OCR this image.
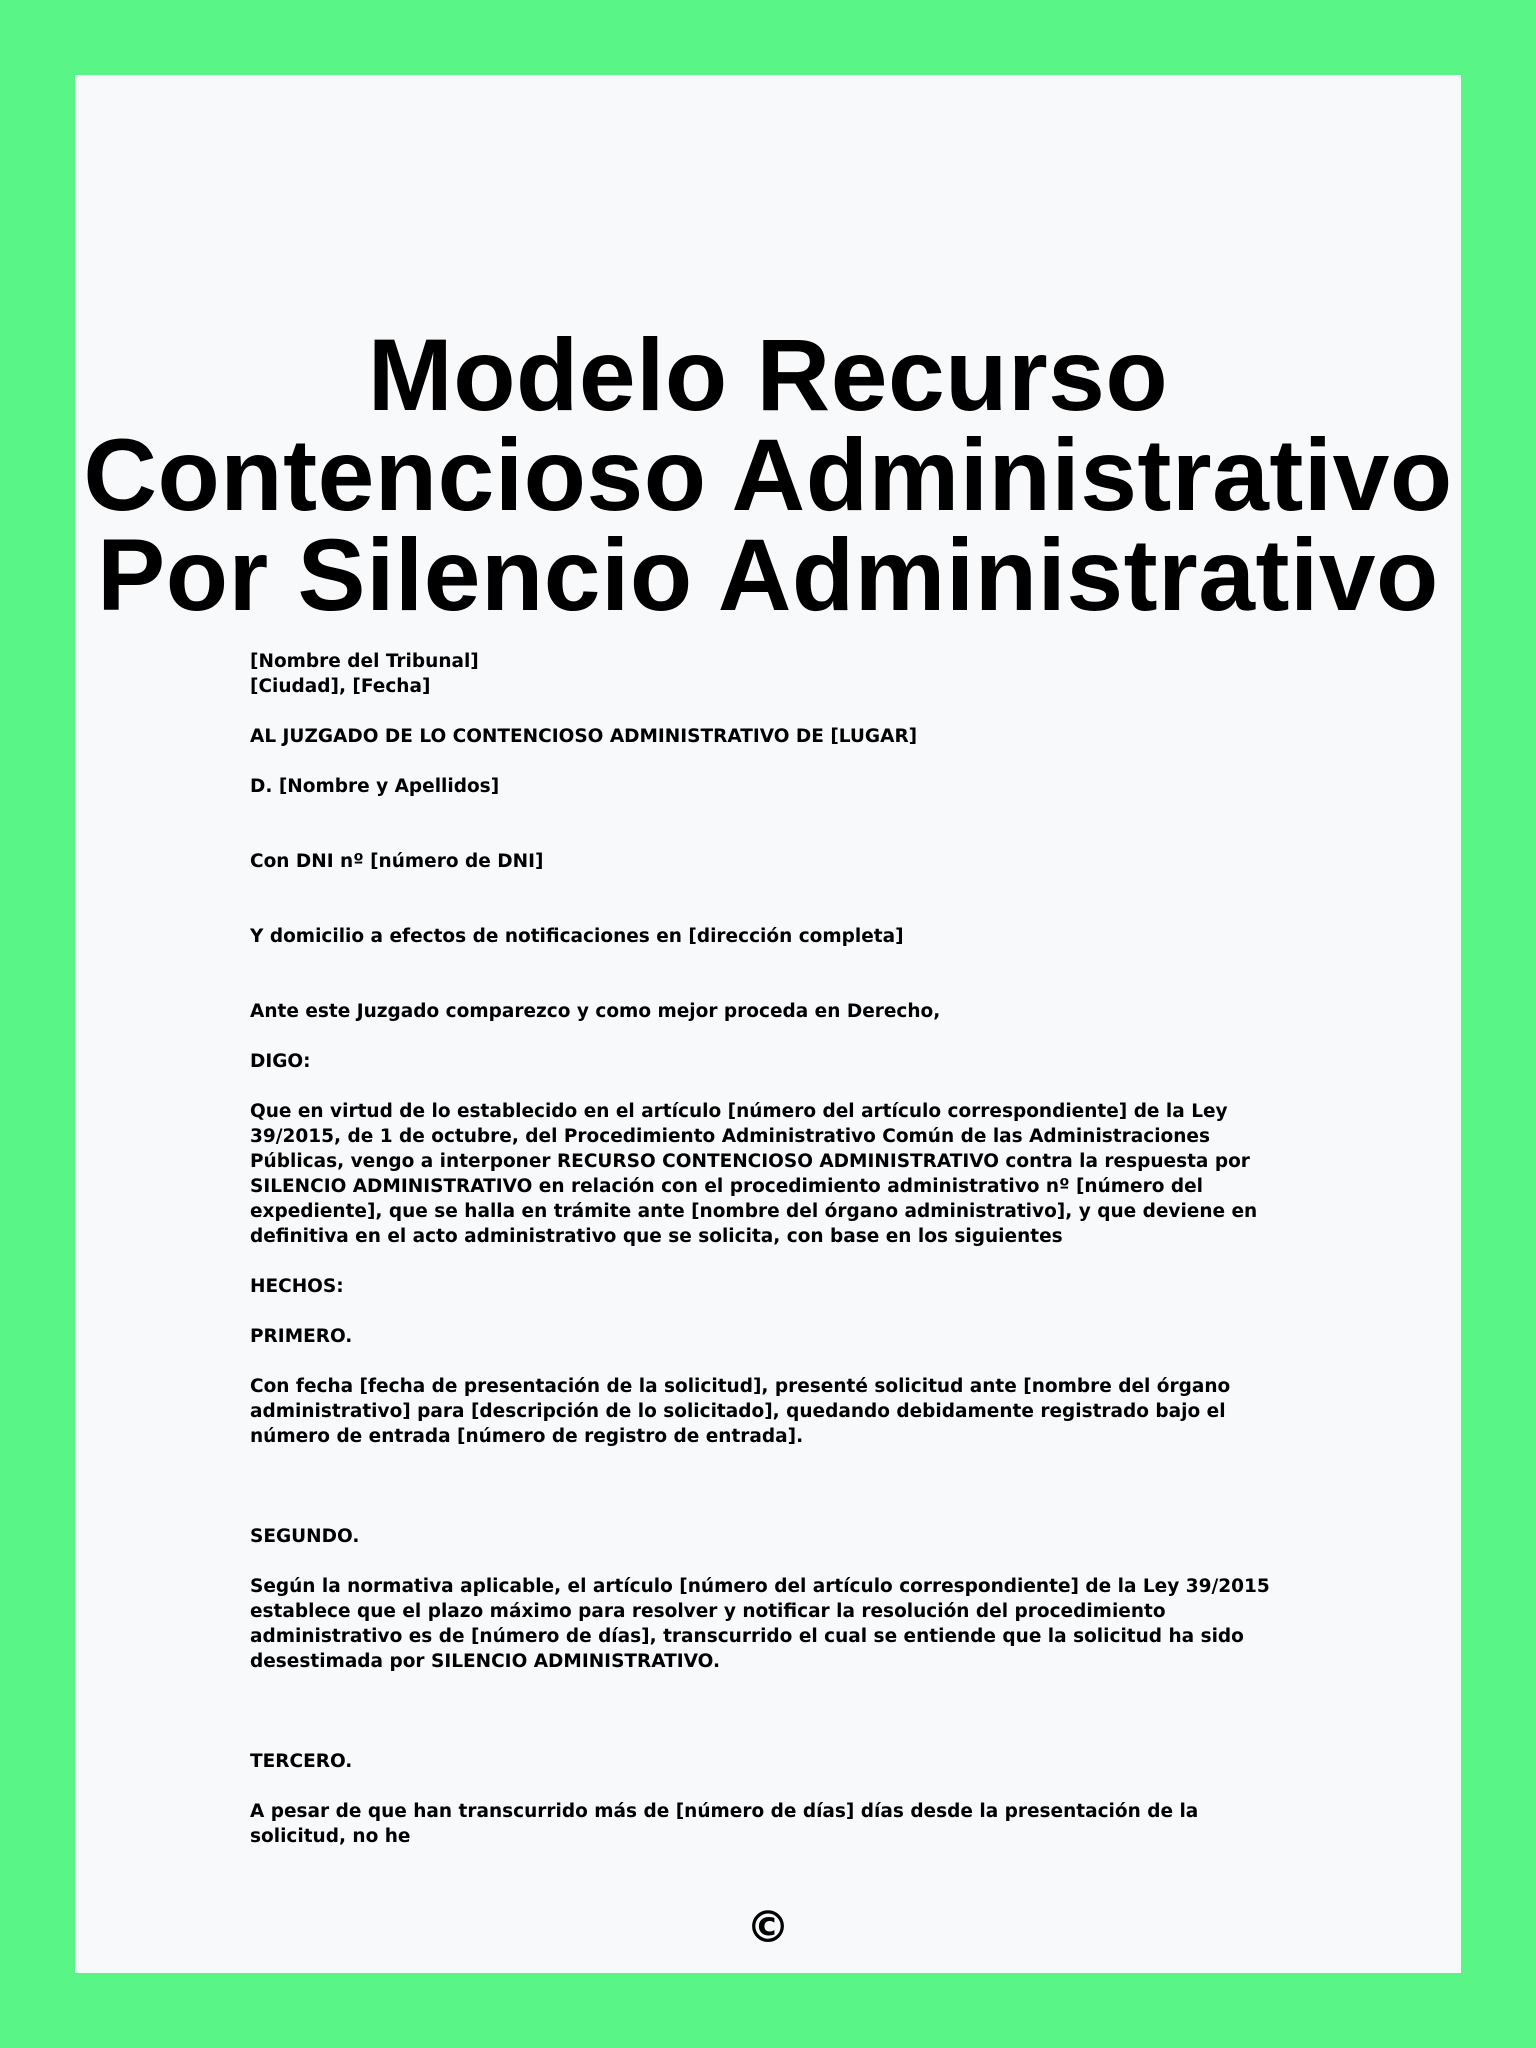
Modelo Recurso
Contencioso Administrativo
Por Silencio Administrativo

[Nombre del Tribunal]

[Ciudad], [Fecha]

AL JUZGADO DE LO CONTENCIOSO ADMINISTRATIVO DE [LUGAR]

D. [Nombre y Apellidos]

Con DNI nº [número de DNI]

Y domicilio a efectos de notificaciones en [dirección completa]

Ante este Juzgado comparezco y como mejor proceda en Derecho,

DIGO:

Que en virtud de lo establecido en el artículo [número del artículo correspondiente] de la Ley 39/2015, de 1 de octubre, del Procedimiento Administrativo Común de las Administraciones Públicas, vengo a interponer RECURSO CONTENCIOSO ADMINISTRATIVO contra la respuesta por SILENCIO ADMINISTRATIVO en relación con el procedimiento administrativo nº [número del expediente], que se halla en trámite ante [nombre del órgano administrativo], y que deviene en definitiva en el acto administrativo que se solicita, con base en los siguientes

HECHOS:

PRIMERO.

Con fecha [fecha de presentación de la solicitud], presenté solicitud ante [nombre del órgano administrativo] para [descripción de lo solicitado], quedando debidamente registrado bajo el número de entrada [número de registro de entrada].

SEGUNDO.

Según la normativa aplicable, el artículo [número del artículo correspondiente] de la Ley 39/2015 establece que el plazo máximo para resolver y notificar la resolución del procedimiento administrativo es de [número de días], transcurrido el cual se entiende que la solicitud ha sido desestimada por SILENCIO ADMINISTRATIVO.

TERCERO.

A pesar de que han transcurrido más de [número de días] días desde la presentación de la solicitud, no he

©
